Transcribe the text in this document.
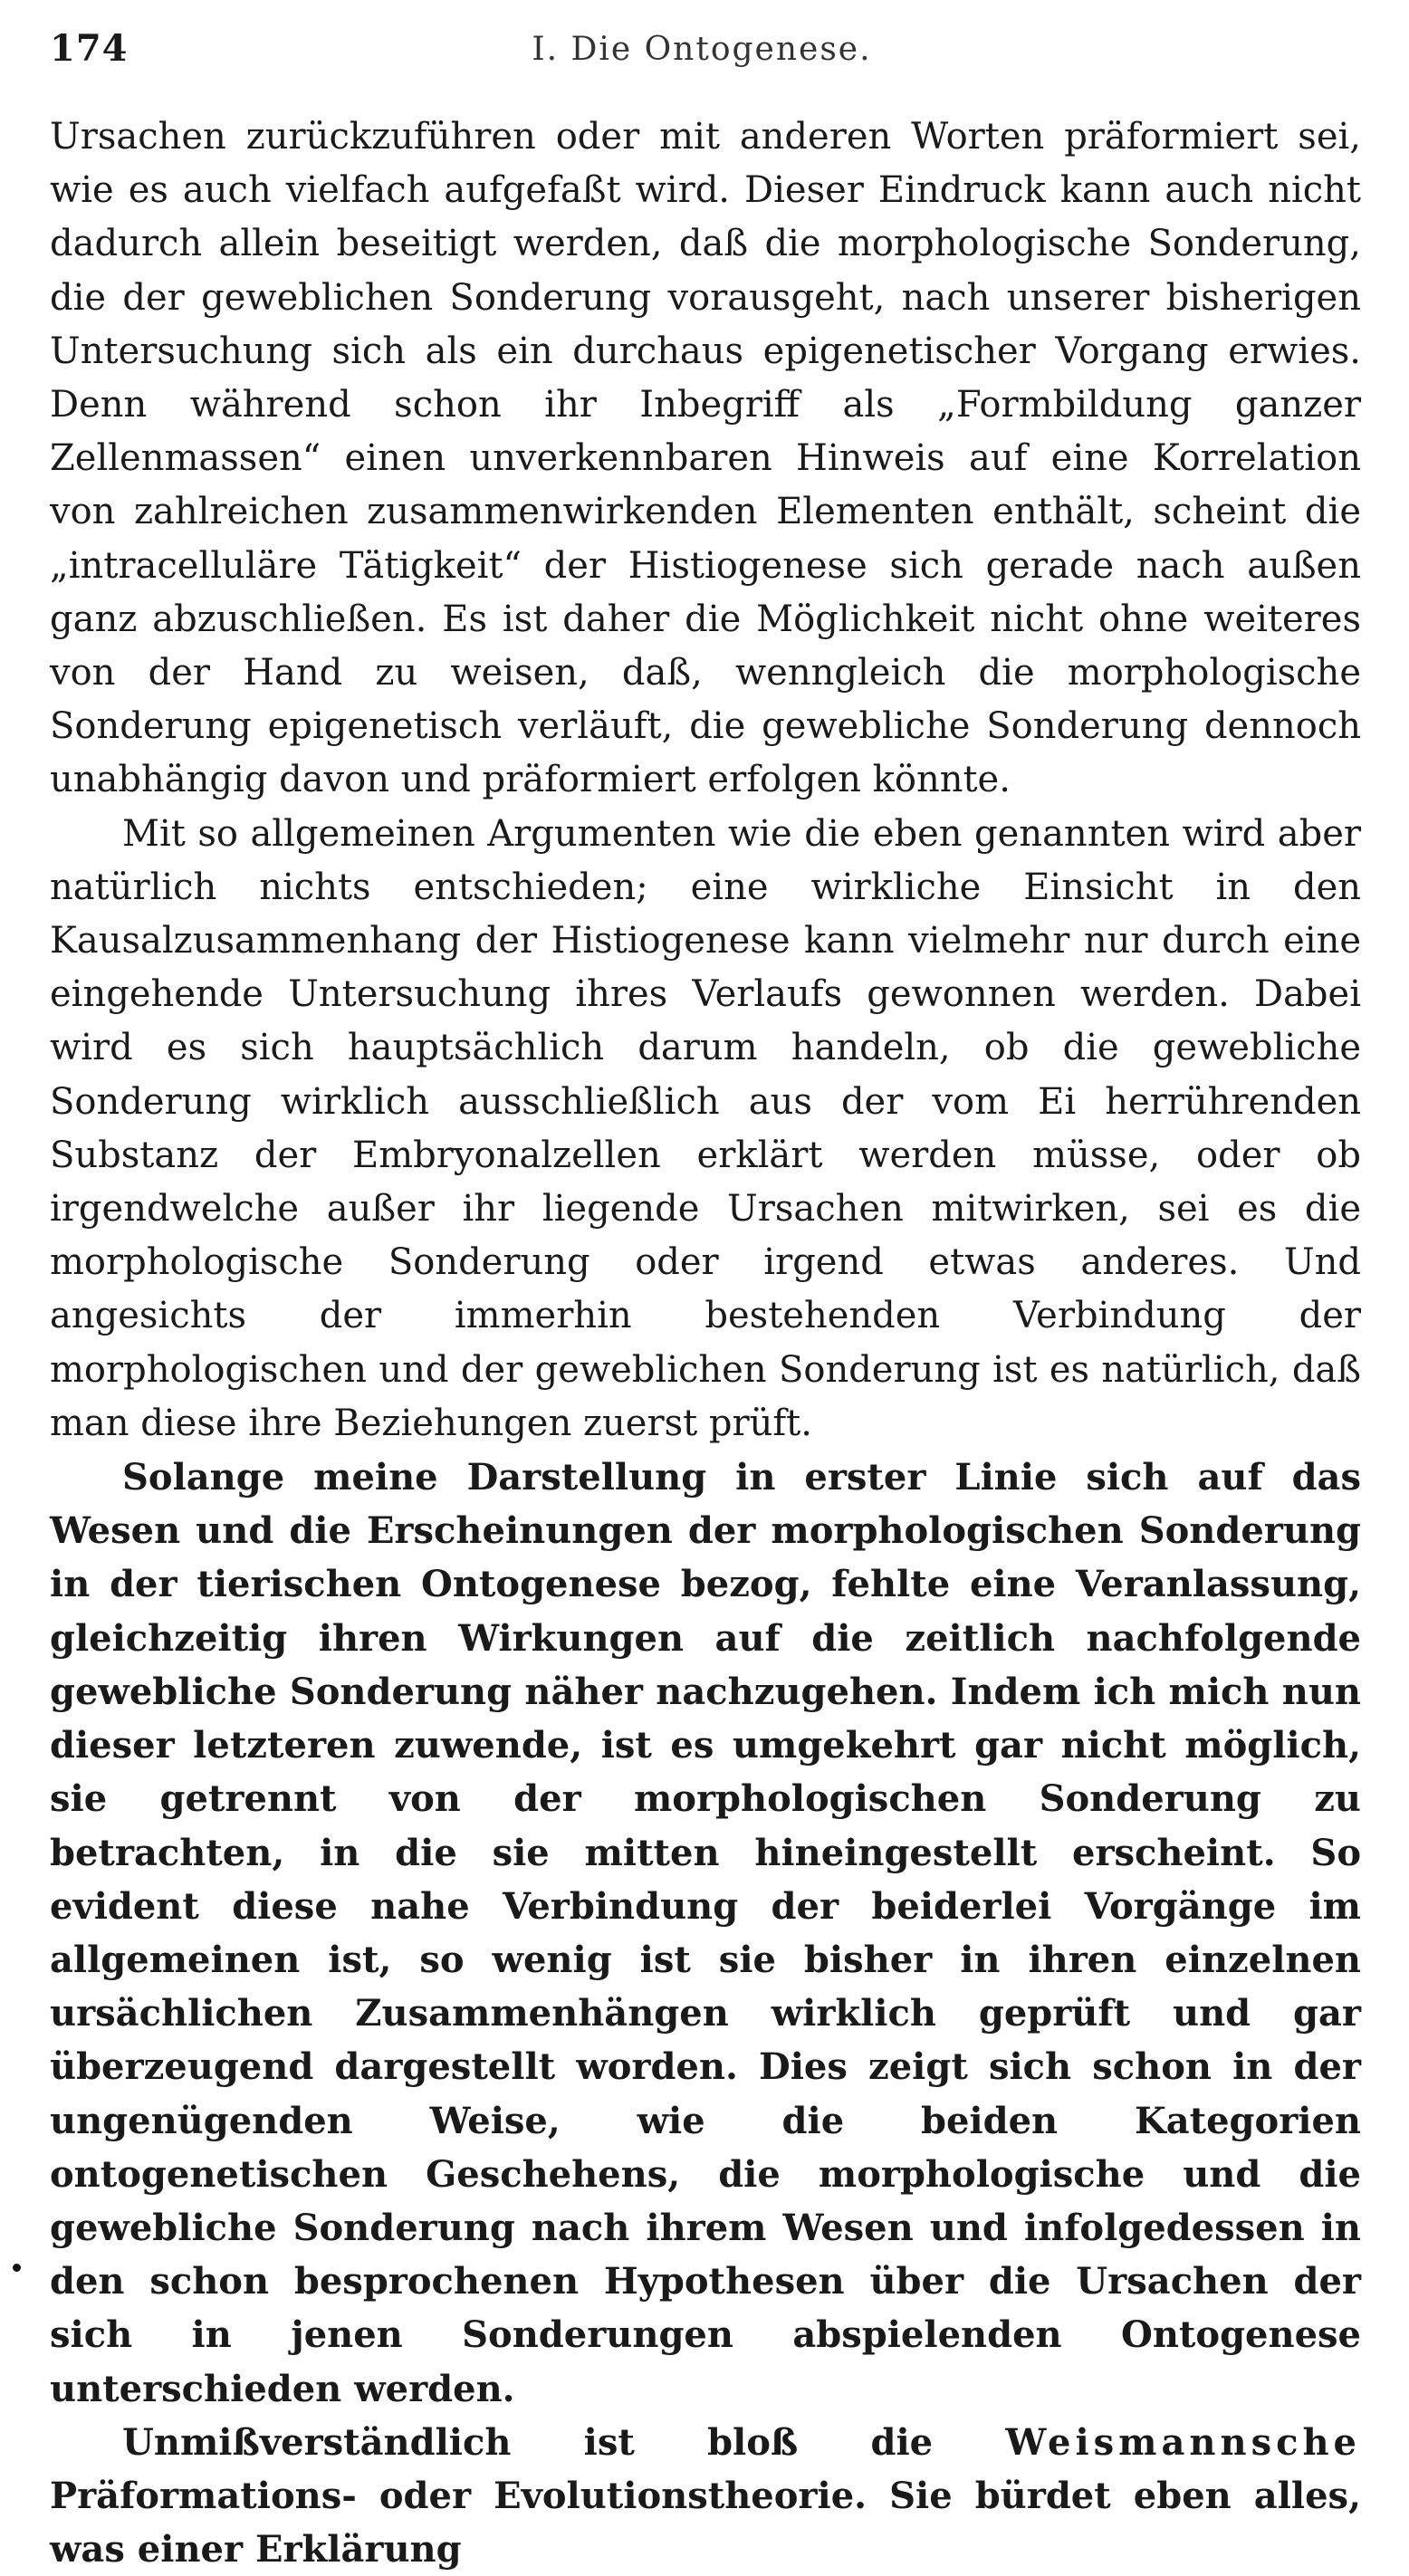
174	I. Die Ontogenese.

Ursachen zurückzuführen oder mit anderen Worten präformiert sei, wie es auch vielfach aufgefaßt wird. Dieser Eindruck kann auch nicht dadurch allein beseitigt werden, daß die morphologische Sonderung, die der geweblichen Sonderung vorausgeht, nach unserer bisherigen Untersuchung sich als ein durchaus epigenetischer Vorgang erwies. Denn während schon ihr Inbegriff als „Formbildung ganzer Zellenmassen“ einen unverkennbaren Hinweis auf eine Korrelation von zahlreichen zusammenwirkenden Elementen enthält, scheint die „intracelluläre Tätigkeit“ der Histiogenese sich gerade nach außen ganz abzuschließen. Es ist daher die Möglichkeit nicht ohne weiteres von der Hand zu weisen, daß, wenngleich die morphologische Sonderung epigenetisch verläuft, die gewebliche Sonderung dennoch unabhängig davon und präformiert erfolgen könnte.

Mit so allgemeinen Argumenten wie die eben genannten wird aber natürlich nichts entschieden; eine wirkliche Einsicht in den Kausalzusammenhang der Histiogenese kann vielmehr nur durch eine eingehende Untersuchung ihres Verlaufs gewonnen werden. Dabei wird es sich hauptsächlich darum handeln, ob die gewebliche Sonderung wirklich ausschließlich aus der vom Ei herrührenden Substanz der Embryonalzellen erklärt werden müsse, oder ob irgendwelche außer ihr liegende Ursachen mitwirken, sei es die morphologische Sonderung oder irgend etwas anderes. Und angesichts der immerhin bestehenden Verbindung der morphologischen und der geweblichen Sonderung ist es natürlich, daß man diese ihre Beziehungen zuerst prüft.

Solange meine Darstellung in erster Linie sich auf das Wesen und die Erscheinungen der morphologischen Sonderung in der tierischen Ontogenese bezog, fehlte eine Veranlassung, gleichzeitig ihren Wirkungen auf die zeitlich nachfolgende gewebliche Sonderung näher nachzugehen. Indem ich mich nun dieser letzteren zuwende, ist es umgekehrt gar nicht möglich, sie getrennt von der morphologischen Sonderung zu betrachten, in die sie mitten hineingestellt erscheint. So evident diese nahe Verbindung der beiderlei Vorgänge im allgemeinen ist, so wenig ist sie bisher in ihren einzelnen ursächlichen Zusammenhängen wirklich geprüft und gar überzeugend dargestellt worden. Dies zeigt sich schon in der ungenügenden Weise, wie die beiden Kategorien ontogenetischen Geschehens, die morphologische und die gewebliche Sonderung nach ihrem Wesen und infolgedessen in den schon besprochenen Hypothesen über die Ursachen der sich in jenen Sonderungen abspielenden Ontogenese unterschieden werden.

Unmißverständlich ist bloß die Weismannsche Präformations- oder Evolutionstheorie. Sie bürdet eben alles, was einer Erklärung
